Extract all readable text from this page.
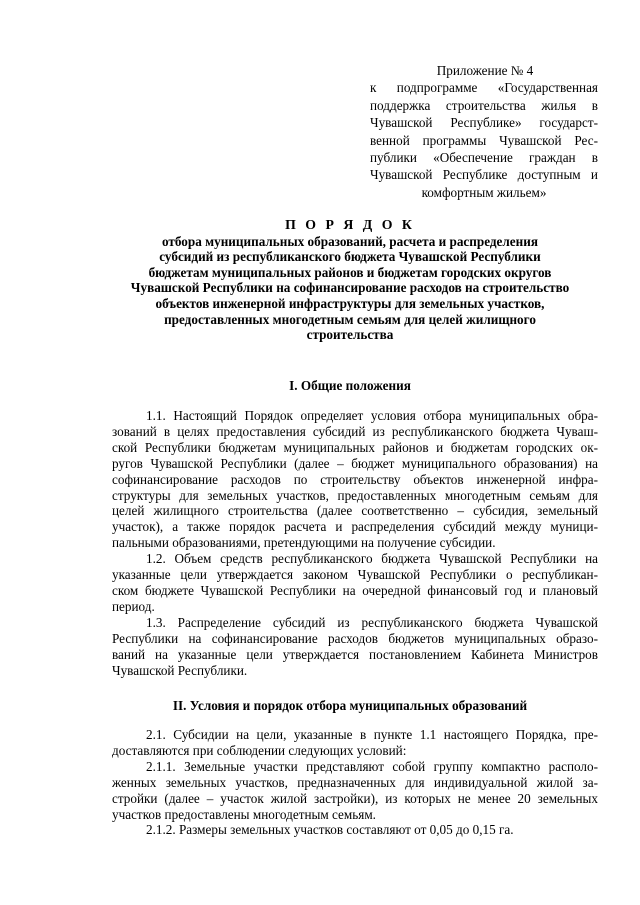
Приложение № 4
к подпрограмме «Государственная
поддержка строительства жилья в
Чувашской Республике» государст-
венной программы Чувашской Рес-
публики «Обеспечение граждан в
Чувашской Республике доступным и
комфортным жильем»
П О Р Я Д О К
отбора муниципальных образований, расчета и распределения
субсидий из республиканского бюджета Чувашской Республики
бюджетам муниципальных районов и бюджетам городских округов
Чувашской Республики на софинансирование расходов на строительство
объектов инженерной инфраструктуры для земельных участков,
предоставленных многодетным семьям для целей жилищного
строительства
I. Общие положения
1.1. Настоящий Порядок определяет условия отбора муниципальных обра-
зований в целях предоставления субсидий из республиканского бюджета Чуваш-
ской Республики бюджетам муниципальных районов и бюджетам городских ок-
ругов Чувашской Республики (далее – бюджет муниципального образования) на
софинансирование расходов по строительству объектов инженерной инфра-
структуры для земельных участков, предоставленных многодетным семьям для
целей жилищного строительства (далее соответственно – субсидия, земельный
участок), а также порядок расчета и распределения субсидий между муници-
пальными образованиями, претендующими на получение субсидии.
1.2. Объем средств республиканского бюджета Чувашской Республики на
указанные цели утверждается законом Чувашской Республики о республикан-
ском бюджете Чувашской Республики на очередной финансовый год и плановый
период.
1.3. Распределение субсидий из республиканского бюджета Чувашской
Республики на софинансирование расходов бюджетов муниципальных образо-
ваний на указанные цели утверждается постановлением Кабинета Министров
Чувашской Республики.
II. Условия и порядок отбора муниципальных образований
2.1. Субсидии на цели, указанные в пункте 1.1 настоящего Порядка, пре-
доставляются при соблюдении следующих условий:
2.1.1. Земельные участки представляют собой группу компактно располо-
женных земельных участков, предназначенных для индивидуальной жилой за-
стройки (далее – участок жилой застройки), из которых не менее 20 земельных
участков предоставлены многодетным семьям.
2.1.2. Размеры земельных участков составляют от 0,05 до 0,15 га.
